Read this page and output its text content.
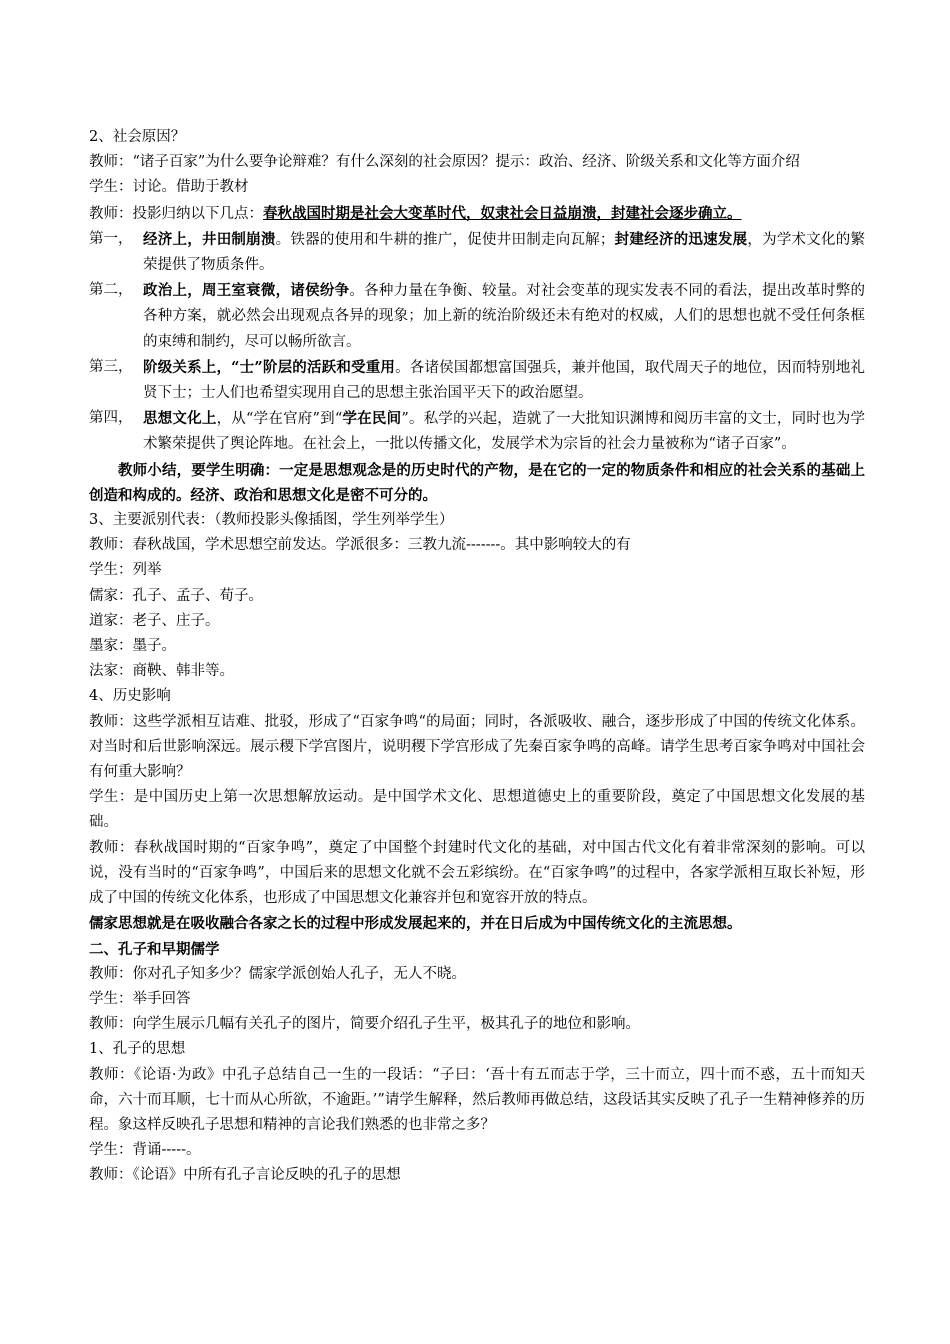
2、社会原因？

教师：“诸子百家”为什么要争论辩难？有什么深刻的社会原因？提示：政治、经济、阶级关系和文化等方面介绍

学生：讨论。借助于教材

教师：投影归纳以下几点：春秋战国时期是社会大变革时代，奴隶社会日益崩溃，封建社会逐步确立。

第一， 经济上，井田制崩溃。铁器的使用和牛耕的推广，促使井田制走向瓦解；封建经济的迅速发展，为学术文化的繁荣提供了物质条件。

第二， 政治上，周王室衰微，诸侯纷争。各种力量在争衡、较量。对社会变革的现实发表不同的看法，提出改革时弊的各种方案，就必然会出现观点各异的现象；加上新的统治阶级还未有绝对的权威，人们的思想也就不受任何条框的束缚和制约，尽可以畅所欲言。

第三， 阶级关系上，“士”阶层的活跃和受重用。各诸侯国都想富国强兵，兼并他国，取代周天子的地位，因而特别地礼贤下士；士人们也希望实现用自己的思想主张治国平天下的政治愿望。

第四， 思想文化上，从“学在官府”到“学在民间”。私学的兴起，造就了一大批知识渊博和阅历丰富的文士，同时也为学术繁荣提供了舆论阵地。在社会上，一批以传播文化，发展学术为宗旨的社会力量被称为“诸子百家”。

教师小结，要学生明确：一定是思想观念是的历史时代的产物，是在它的一定的物质条件和相应的社会关系的基础上创造和构成的。经济、政治和思想文化是密不可分的。

3、主要派别代表：（教师投影头像插图，学生列举学生）

教师：春秋战国，学术思想空前发达。学派很多：三教九流-------。其中影响较大的有

学生：列举

儒家：孔子、孟子、荀子。

道家：老子、庄子。

墨家：墨子。

法家：商鞅、韩非等。

4、历史影响

教师：这些学派相互诘难、批驳，形成了“百家争鸣“的局面；同时，各派吸收、融合，逐步形成了中国的传统文化体系。对当时和后世影响深远。展示稷下学宫图片，说明稷下学宫形成了先秦百家争鸣的高峰。请学生思考百家争鸣对中国社会有何重大影响？

学生：是中国历史上第一次思想解放运动。是中国学术文化、思想道德史上的重要阶段，奠定了中国思想文化发展的基础。

教师：春秋战国时期的“百家争鸣”，奠定了中国整个封建时代文化的基础，对中国古代文化有着非常深刻的影响。可以说，没有当时的“百家争鸣”，中国后来的思想文化就不会五彩缤纷。在“百家争鸣”的过程中，各家学派相互取长补短，形成了中国的传统文化体系，也形成了中国思想文化兼容并包和宽容开放的特点。

儒家思想就是在吸收融合各家之长的过程中形成发展起来的，并在日后成为中国传统文化的主流思想。

二、孔子和早期儒学

教师：你对孔子知多少？儒家学派创始人孔子，无人不晓。

学生：举手回答

教师：向学生展示几幅有关孔子的图片，简要介绍孔子生平，极其孔子的地位和影响。

1、孔子的思想

教师：《论语·为政》中孔子总结自己一生的一段话：“子曰：‘吾十有五而志于学，三十而立，四十而不惑，五十而知天命，六十而耳顺，七十而从心所欲，不逾距。’”请学生解释，然后教师再做总结，这段话其实反映了孔子一生精神修养的历程。象这样反映孔子思想和精神的言论我们熟悉的也非常之多？

学生：背诵-----。

教师：《论语》中所有孔子言论反映的孔子的思想
